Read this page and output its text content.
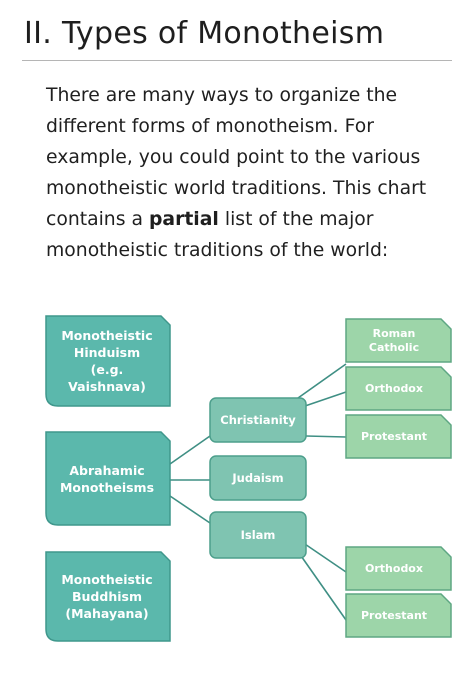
II. Types of Monotheism
There are many ways to organize the
different forms of monotheism. For
example, you could point to the various
monotheistic world traditions. This chart
contains a partial list of the major
monotheistic traditions of the world:
Monotheistic
Hinduism
(e.g.
Vaishnava)
Abrahamic
Monotheisms
Monotheistic
Buddhism
(Mahayana)
Christianity
Judaism
Islam
Roman
Catholic
Orthodox
Protestant
Orthodox
Protestant
